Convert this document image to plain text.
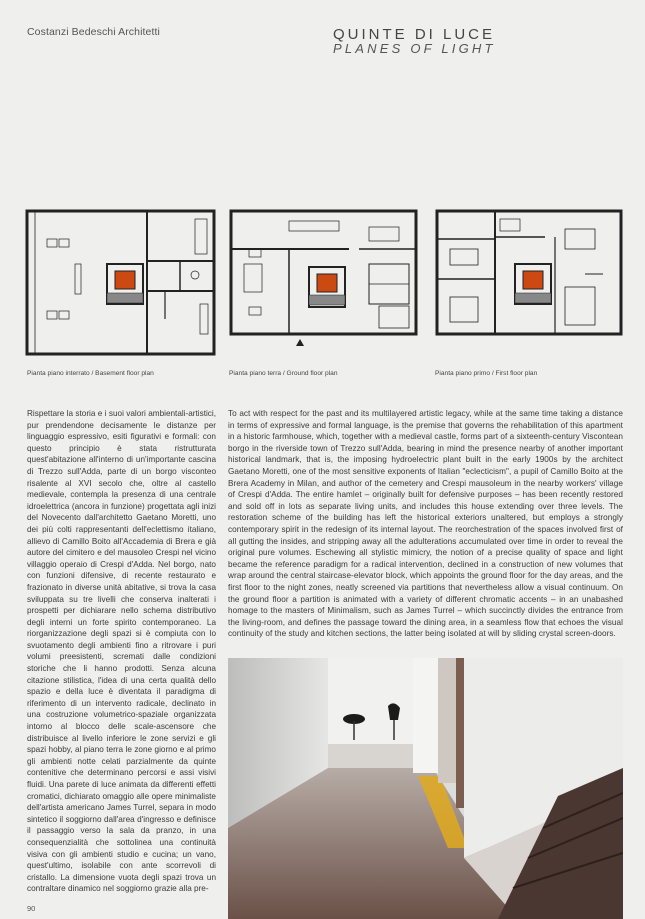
Costanzi Bedeschi Architetti	QUINTE DI LUCE
PLANES OF LIGHT
Pianta piano interrato / Basement floor plan	Pianta piano terra / Ground floor plan	Pianta piano primo / First floor plan
Rispettare la storia e i suoi valori ambientali-artistici, pur prendendone decisamente le distanze per linguaggio espressivo, esiti figurativi e formali: con questo principio è stata ristrutturata quest'abitazione all'interno di un'importante cascina di Trezzo sull'Adda, parte di un borgo visconteo risalente al XVI secolo che, oltre al castello medievale, contempla la presenza di una centrale idroelettrica (ancora in funzione) progettata agli inizi del Novecento dall'architetto Gaetano Moretti, uno dei più colti rappresentanti dell'eclettismo italiano, allievo di Camillo Boito all'Accademia di Brera e già autore del cimitero e del mausoleo Crespi nel vicino villaggio operaio di Crespi d'Adda. Nel borgo, nato con funzioni difensive, di recente restaurato e frazionato in diverse unità abitative, si trova la casa sviluppata su tre livelli che conserva inalterati i prospetti per dichiarare nello schema distributivo degli interni un forte spirito contemporaneo. La riorganizzazione degli spazi si è compiuta con lo svuotamento degli ambienti fino a ritrovare i puri volumi preesistenti, scremati dalle condizioni storiche che li hanno prodotti. Senza alcuna citazione stilistica, l'idea di una certa qualità dello spazio e della luce è diventata il paradigma di riferimento di un intervento radicale, declinato in una costruzione volumetrico-spaziale organizzata intorno al blocco delle scale-ascensore che distribuisce al livello inferiore le zone servizi e gli spazi hobby, al piano terra le zone giorno e al primo gli ambienti notte celati parzialmente da quinte contenitive che determinano percorsi e assi visivi fluidi. Una parete di luce animata da differenti effetti cromatici, dichiarato omaggio alle opere minimaliste dell'artista americano James Turrel, separa in modo sintetico il soggiorno dall'area d'ingresso e definisce il passaggio verso la sala da pranzo, in una consequenzialità che sottolinea una continuità visiva con gli ambienti studio e cucina; un vano, quest'ultimo, isolabile con ante scorrevoli di cristallo. La dimensione vuota degli spazi trova un contraltare dinamico nel soggiorno grazie alla pre-
To act with respect for the past and its multilayered artistic legacy, while at the same time taking a distance in terms of expressive and formal language, is the premise that governs the rehabilitation of this apartment in a historic farmhouse, which, together with a medieval castle, forms part of a sixteenth-century Viscontean borgo in the riverside town of Trezzo sull'Adda, bearing in mind the presence nearby of another important historical landmark, that is, the imposing hydroelectric plant built in the early 1900s by the architect Gaetano Moretti, one of the most sensitive exponents of Italian "eclecticism", a pupil of Camillo Boito at the Brera Academy in Milan, and author of the cemetery and Crespi mausoleum in the nearby workers' village of Crespi d'Adda. The entire hamlet – originally built for defensive purposes – has been recently restored and sold off in lots as separate living units, and includes this house extending over three levels. The restoration scheme of the building has left the historical exteriors unaltered, but employs a strongly contemporary spirit in the redesign of its internal layout. The reorchestration of the spaces involved first of all gutting the insides, and stripping away all the adulterations accumulated over time in order to reveal the original pure volumes. Eschewing all stylistic mimicry, the notion of a precise quality of space and light became the reference paradigm for a radical intervention, declined in a construction of new volumes that wrap around the central staircase-elevator block, which appoints the ground floor for the day areas, and the first floor to the night zones, neatly screened via partitions that nevertheless allow a visual continuum. On the ground floor a partition is animated with a variety of different chromatic accents – in an unabashed homage to the masters of Minimalism, such as James Turrel – which succinctly divides the entrance from the living-room, and defines the passage toward the dining area, in a seamless flow that echoes the visual continuity of the study and kitchen sections, the latter being isolated at will by sliding crystal screen-doors.
90
